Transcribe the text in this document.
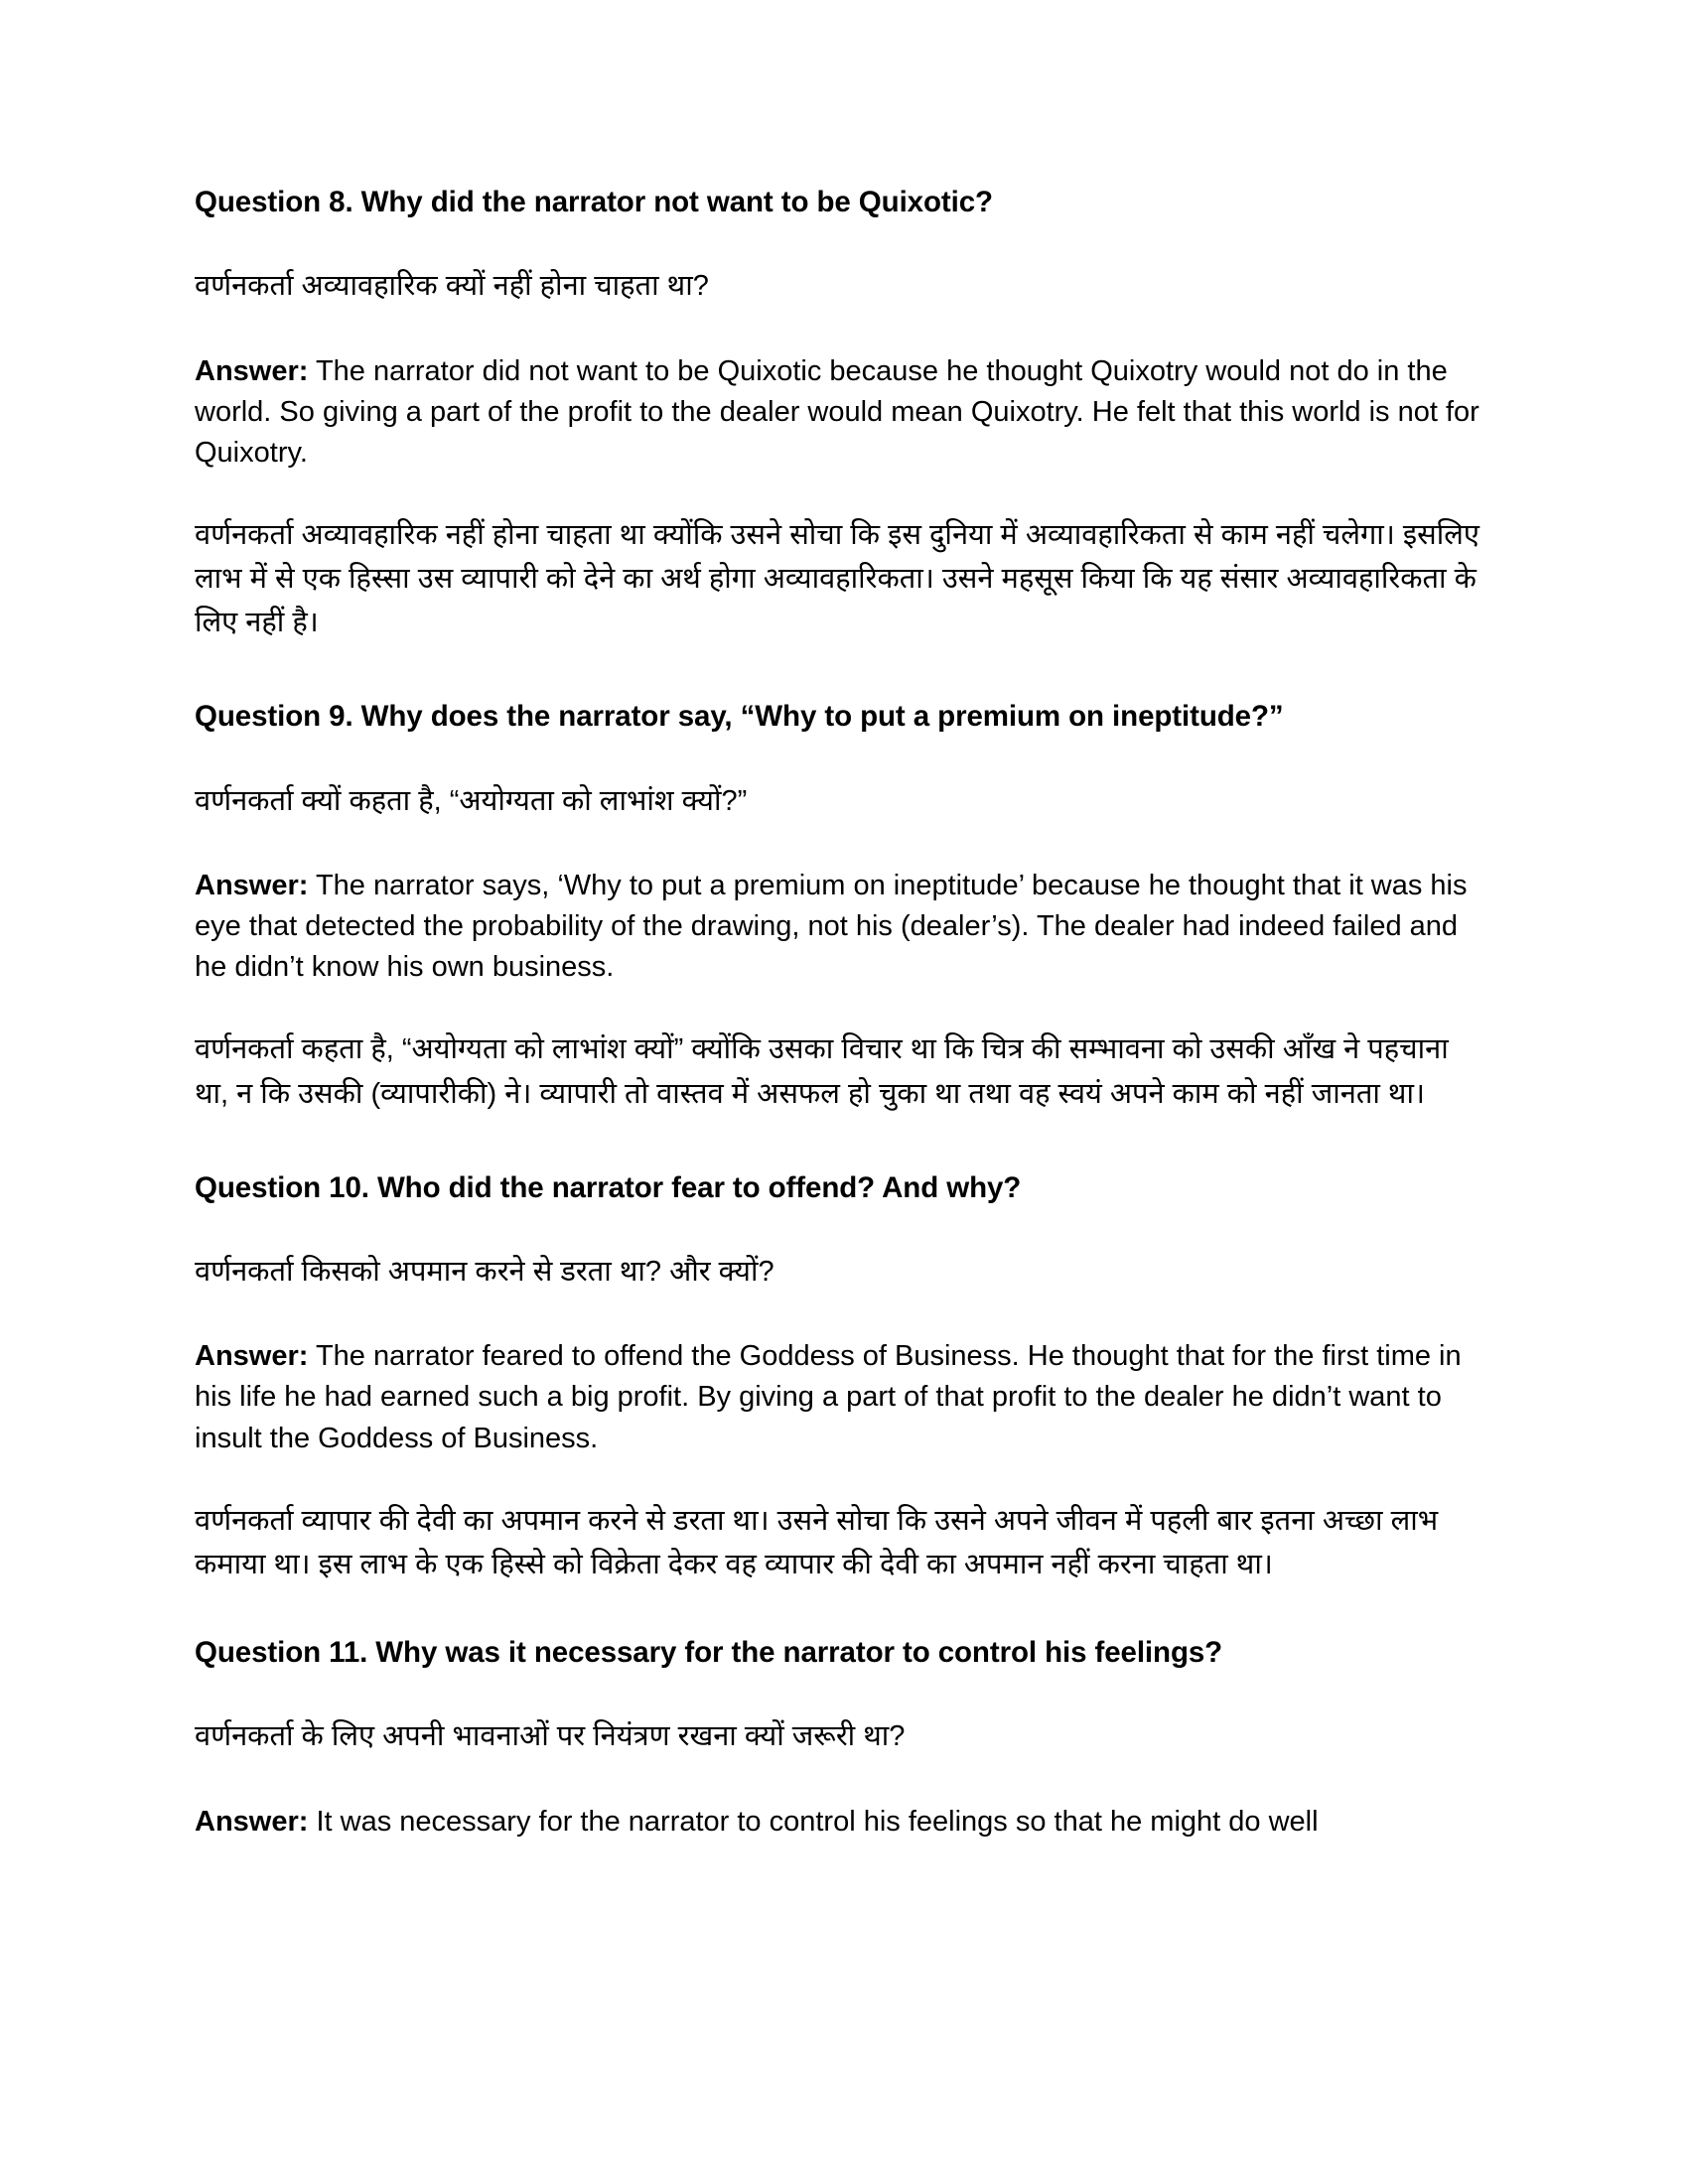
Question 8. Why did the narrator not want to be Quixotic?
वर्णनकर्ता अव्यावहारिक क्यों नहीं होना चाहता था?
Answer: The narrator did not want to be Quixotic because he thought Quixotry would not do in the world. So giving a part of the profit to the dealer would mean Quixotry. He felt that this world is not for Quixotry.
वर्णनकर्ता अव्यावहारिक नहीं होना चाहता था क्योंकि उसने सोचा कि इस दुनिया में अव्यावहारिकता से काम नहीं चलेगा। इसलिए लाभ में से एक हिस्सा उस व्यापारी को देने का अर्थ होगा अव्यावहारिकता। उसने महसूस किया कि यह संसार अव्यावहारिकता के लिए नहीं है।
Question 9. Why does the narrator say, “Why to put a premium on ineptitude?”
वर्णनकर्ता क्यों कहता है, “अयोग्यता को लाभांश क्यों?”
Answer: The narrator says, ‘Why to put a premium on ineptitude’ because he thought that it was his eye that detected the probability of the drawing, not his (dealer’s). The dealer had indeed failed and he didn’t know his own business.
वर्णनकर्ता कहता है, “अयोग्यता को लाभांश क्यों” क्योंकि उसका विचार था कि चित्र की सम्भावना को उसकी आँख ने पहचाना था, न कि उसकी (व्यापारीकी) ने। व्यापारी तो वास्तव में असफल हो चुका था तथा वह स्वयं अपने काम को नहीं जानता था।
Question 10. Who did the narrator fear to offend? And why?
वर्णनकर्ता किसको अपमान करने से डरता था? और क्यों?
Answer: The narrator feared to offend the Goddess of Business. He thought that for the first time in his life he had earned such a big profit. By giving a part of that profit to the dealer he didn’t want to insult the Goddess of Business.
वर्णनकर्ता व्यापार की देवी का अपमान करने से डरता था। उसने सोचा कि उसने अपने जीवन में पहली बार इतना अच्छा लाभ कमाया था। इस लाभ के एक हिस्से को विक्रेता देकर वह व्यापार की देवी का अपमान नहीं करना चाहता था।
Question 11. Why was it necessary for the narrator to control his feelings?
वर्णनकर्ता के लिए अपनी भावनाओं पर नियंत्रण रखना क्यों जरूरी था?
Answer: It was necessary for the narrator to control his feelings so that he might do well
